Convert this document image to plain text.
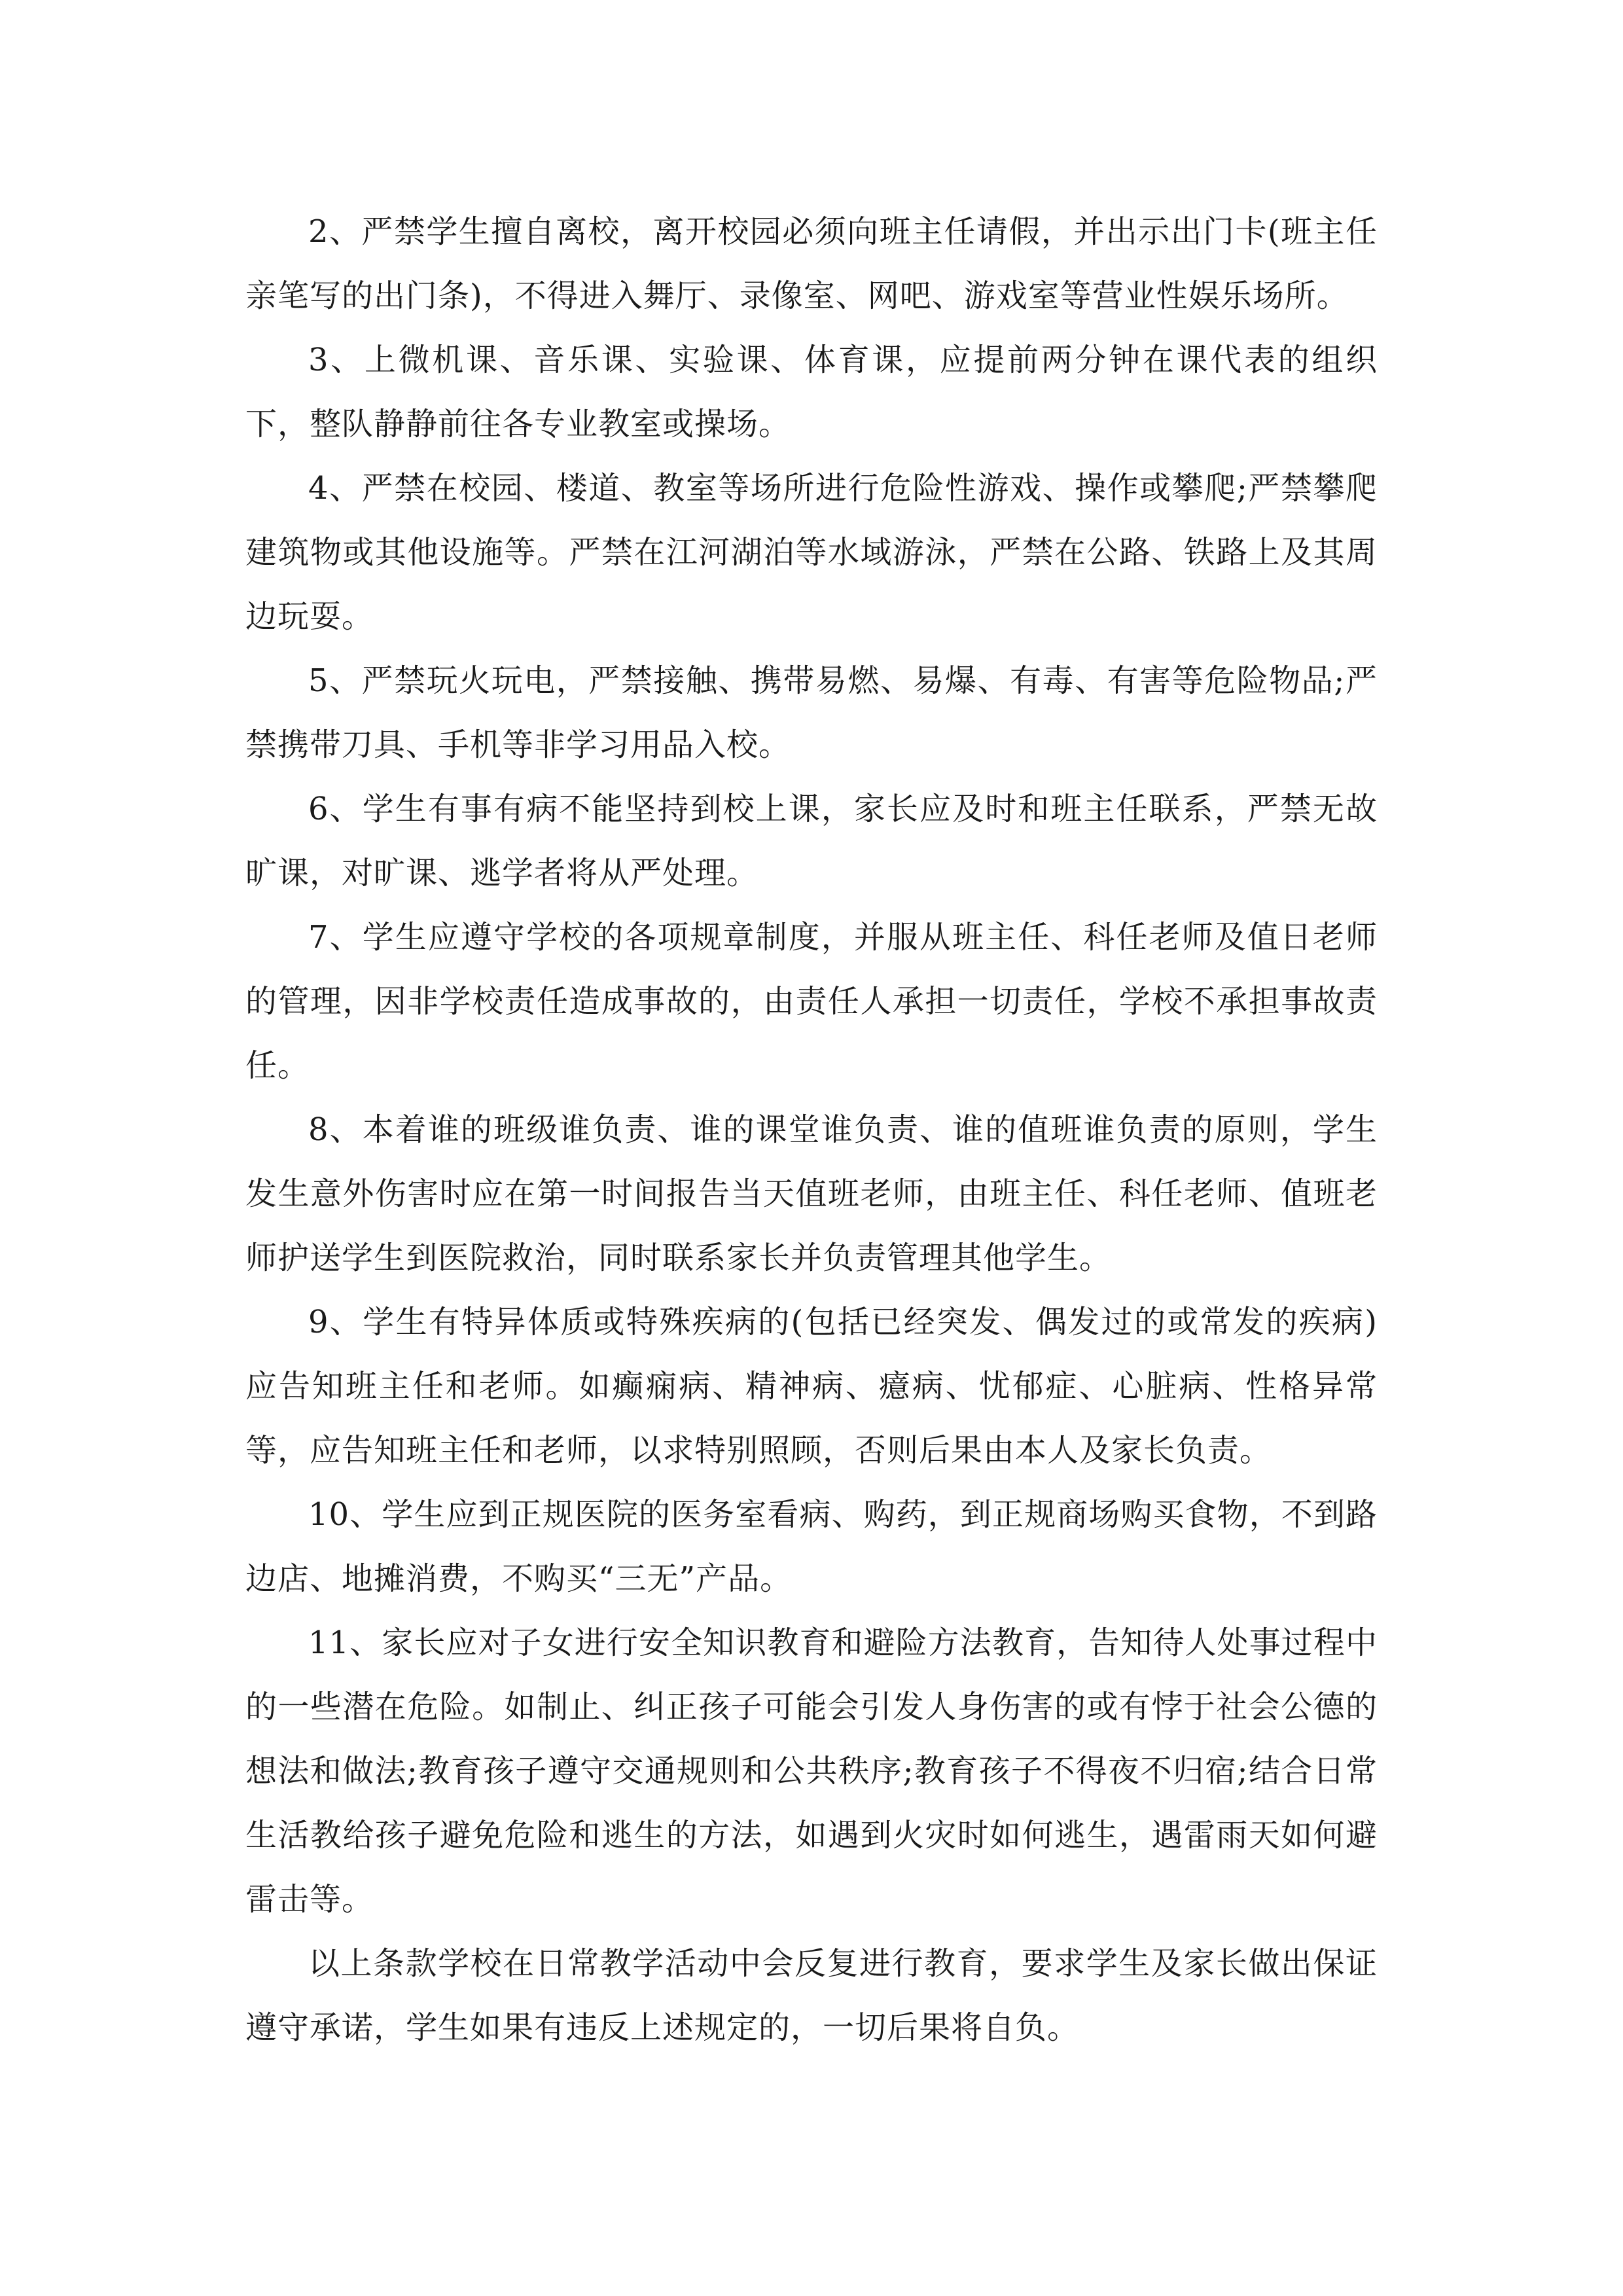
2、严禁学生擅自离校，离开校园必须向班主任请假，并出示出门卡(班主任亲笔写的出门条)，不得进入舞厅、录像室、网吧、游戏室等营业性娱乐场所。

3、上微机课、音乐课、实验课、体育课，应提前两分钟在课代表的组织下，整队静静前往各专业教室或操场。

4、严禁在校园、楼道、教室等场所进行危险性游戏、操作或攀爬;严禁攀爬建筑物或其他设施等。严禁在江河湖泊等水域游泳，严禁在公路、铁路上及其周边玩耍。

5、严禁玩火玩电，严禁接触、携带易燃、易爆、有毒、有害等危险物品;严禁携带刀具、手机等非学习用品入校。

6、学生有事有病不能坚持到校上课，家长应及时和班主任联系，严禁无故旷课，对旷课、逃学者将从严处理。

7、学生应遵守学校的各项规章制度，并服从班主任、科任老师及值日老师的管理，因非学校责任造成事故的，由责任人承担一切责任，学校不承担事故责任。

8、本着谁的班级谁负责、谁的课堂谁负责、谁的值班谁负责的原则，学生发生意外伤害时应在第一时间报告当天值班老师，由班主任、科任老师、值班老师护送学生到医院救治，同时联系家长并负责管理其他学生。

9、学生有特异体质或特殊疾病的(包括已经突发、偶发过的或常发的疾病)应告知班主任和老师。如癫痫病、精神病、癔病、忧郁症、心脏病、性格异常等，应告知班主任和老师，以求特别照顾，否则后果由本人及家长负责。

10、学生应到正规医院的医务室看病、购药，到正规商场购买食物，不到路边店、地摊消费，不购买“三无”产品。

11、家长应对子女进行安全知识教育和避险方法教育，告知待人处事过程中的一些潜在危险。如制止、纠正孩子可能会引发人身伤害的或有悖于社会公德的想法和做法;教育孩子遵守交通规则和公共秩序;教育孩子不得夜不归宿;结合日常生活教给孩子避免危险和逃生的方法，如遇到火灾时如何逃生，遇雷雨天如何避雷击等。

以上条款学校在日常教学活动中会反复进行教育，要求学生及家长做出保证遵守承诺，学生如果有违反上述规定的，一切后果将自负。
